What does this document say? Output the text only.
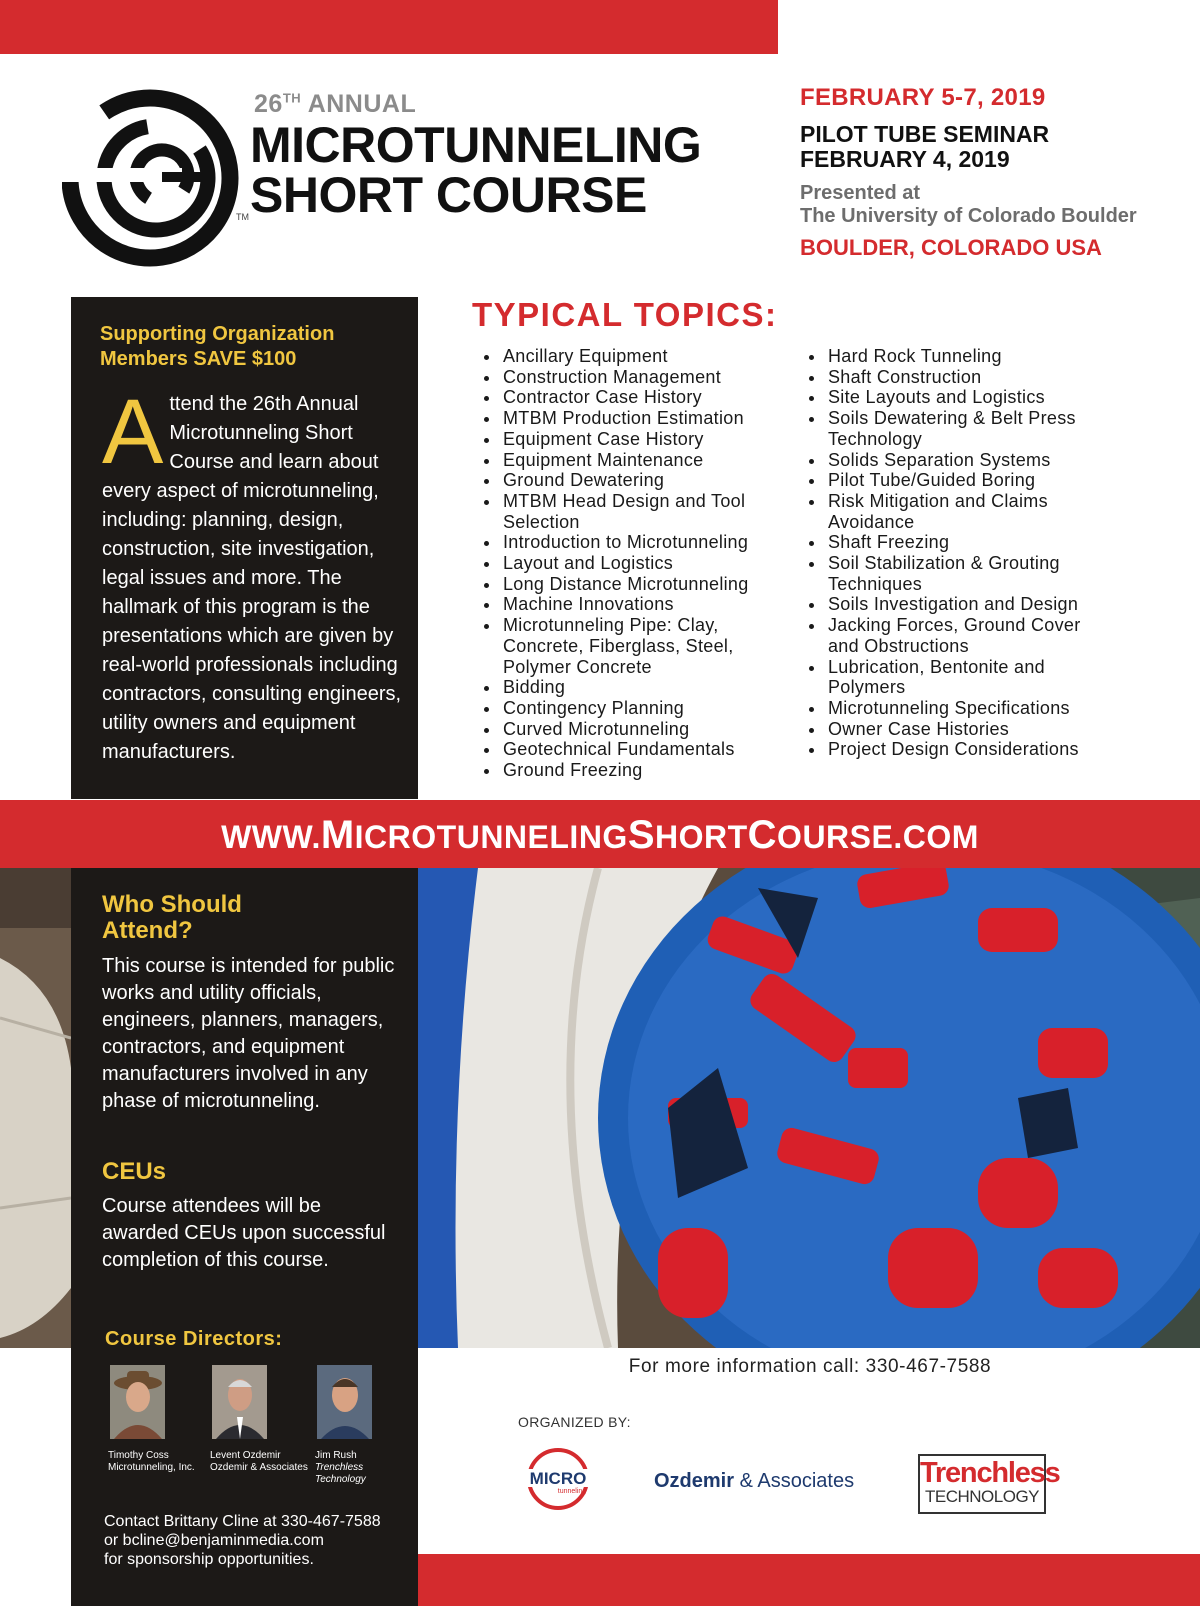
26TH ANNUAL
MICROTUNNELING
SHORT COURSE
TM
FEBRUARY 5-7, 2019
PILOT TUBE SEMINAR
FEBRUARY 4, 2019
Presented at
The University of Colorado Boulder
BOULDER, COLORADO USA
Supporting Organization
Members SAVE $100
Attend the 26th Annual Microtunneling Short Course and learn about every aspect of microtunneling, including: planning, design, construction, site investigation, legal issues and more. The hallmark of this program is the presentations which are given by real-world professionals including contractors, consulting engineers, utility owners and equipment manufacturers.
TYPICAL TOPICS:
• Ancillary Equipment
• Construction Management
• Contractor Case History
• MTBM Production Estimation
• Equipment Case History
• Equipment Maintenance
• Ground Dewatering
• MTBM Head Design and Tool Selection
• Introduction to Microtunneling
• Layout and Logistics
• Long Distance Microtunneling
• Machine Innovations
• Microtunneling Pipe: Clay, Concrete, Fiberglass, Steel, Polymer Concrete
• Bidding
• Contingency Planning
• Curved Microtunneling
• Geotechnical Fundamentals
• Ground Freezing
• Hard Rock Tunneling
• Shaft Construction
• Site Layouts and Logistics
• Soils Dewatering & Belt Press Technology
• Solids Separation Systems
• Pilot Tube/Guided Boring
• Risk Mitigation and Claims Avoidance
• Shaft Freezing
• Soil Stabilization & Grouting Techniques
• Soils Investigation and Design
• Jacking Forces, Ground Cover and Obstructions
• Lubrication, Bentonite and Polymers
• Microtunneling Specifications
• Owner Case Histories
• Project Design Considerations
WWW.MICROTUNNELINGSHORTCOURSE.COM
Who Should
Attend?
This course is intended for public works and utility officials, engineers, planners, managers, contractors, and equipment manufacturers involved in any phase of microtunneling.
CEUs
Course attendees will be awarded CEUs upon successful completion of this course.
Course Directors:
Timothy Coss
Microtunneling, Inc.
Levent Ozdemir
Ozdemir & Associates
Jim Rush
Trenchless Technology
Contact Brittany Cline at 330-467-7588
or bcline@benjaminmedia.com
for sponsorship opportunities.
For more information call: 330-467-7588
ORGANIZED BY:
MICRO
tunneling	Ozdemir & Associates Trenchless
TECHNOLOGY
